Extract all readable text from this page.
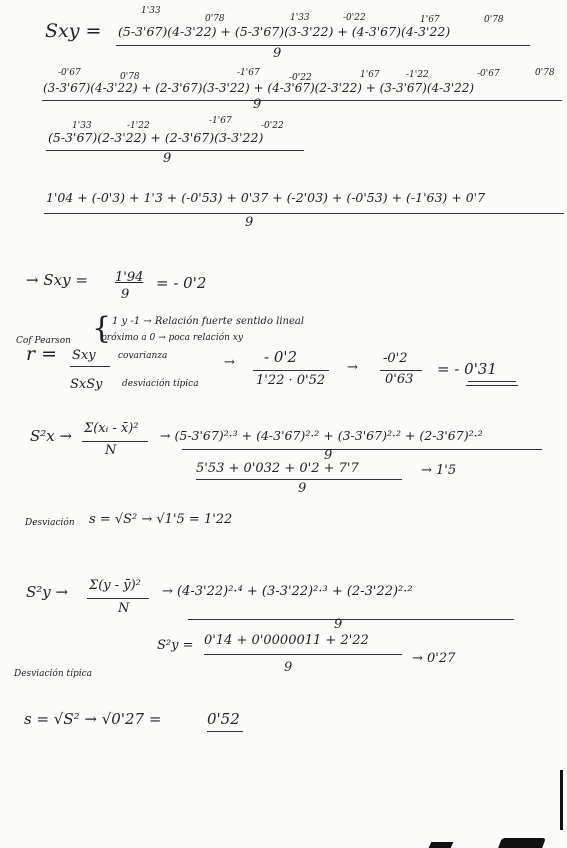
1'33
0'78	1'33	-0'22	1'67	0'78
Sxy = (5-3'67)(4-3'22) + (5-3'67)(3-3'22) + (4-3'67)(4-3'22)
9
-0'67	0'78	-1'67	-0'22	1'67	-1'22	-0'67	0'78
(3-3'67)(4-3'22) + (2-3'67)(3-3'22) + (4-3'67)(2-3'22) + (3-3'67)(4-3'22)
9
1'33	-1'22	-1'67	-0'22
(5-3'67)(2-3'22) + (2-3'67)(3-3'22)
9
1'04 + (-0'3) + 1'3 + (-0'53) + 0'37 + (-2'03) + (-0'53) + (-1'63) + 0'7
9
→ Sxy = 1'94
9
= - 0'2
{ 1 y -1 → Relación fuerte sentido lineal
Cof Pearson	próximo a 0 → poca relación xy
r = Sxy covarianza
SxSy desviación típica
→ - 0'2
1'22 · 0'52
→
-0'2
0'63
= - 0'31
S²x → Σ(xᵢ - x̄)²
N
→ (5-3'67)²·³ + (4-3'67)²·² + (3-3'67)²·² + (2-3'67)²·²
9
5'53 + 0'032 + 0'2 + 7'7
9
→ 1'5
Desviación s = √S² → √1'5 = 1'22
S²y → Σ(y - ȳ)²
N
→ (4-3'22)²·⁴ + (3-3'22)²·³ + (2-3'22)²·²
9
S²y = 0'14 + 0'0000011 + 2'22
9
→ 0'27
Desviación típica
s = √S² → √0'27 =	0'52
